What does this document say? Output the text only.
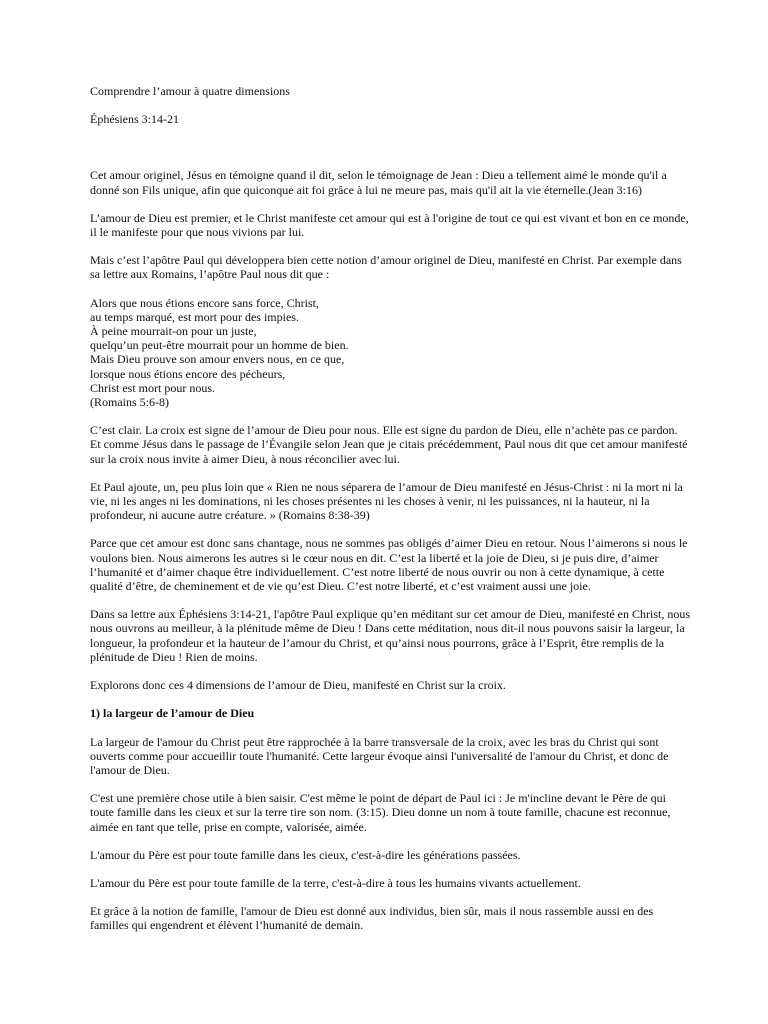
Comprendre l’amour à quatre dimensions

Éphésiens 3:14-21

Cet amour originel, Jésus en témoigne quand il dit, selon le témoignage de Jean : Dieu a tellement aimé le monde qu'il a donné son Fils unique, afin que quiconque ait foi grâce à lui ne meure pas, mais qu'il ait la vie éternelle.(Jean 3:16)

L’amour de Dieu est premier, et le Christ manifeste cet amour qui est à l'origine de tout ce qui est vivant et bon en ce monde, il le manifeste pour que nous vivions par lui.

Mais c’est l’apôtre Paul qui développera bien cette notion d’amour originel de Dieu, manifesté en Christ. Par exemple dans sa lettre aux Romains, l’apôtre Paul nous dit que :

Alors que nous étions encore sans force, Christ,
au temps marqué, est mort pour des impies.
À peine mourrait-on pour un juste,
quelqu’un peut-être mourrait pour un homme de bien.
Mais Dieu prouve son amour envers nous, en ce que,
lorsque nous étions encore des pécheurs,
Christ est mort pour nous.
(Romains 5:6-8)

C’est clair. La croix est signe de l’amour de Dieu pour nous. Elle est signe du pardon de Dieu, elle n’achète pas ce pardon. Et comme Jésus dans le passage de l’Évangile selon Jean que je citais précédemment, Paul nous dit que cet amour manifesté sur la croix nous invite à aimer Dieu, à nous réconcilier avec lui.

Et Paul ajoute, un, peu plus loin que « Rien ne nous séparera de l’amour de Dieu manifesté en Jésus-Christ : ni la mort ni la vie, ni les anges ni les dominations, ni les choses présentes ni les choses à venir, ni les puissances, ni la hauteur, ni la profondeur, ni aucune autre créature. » (Romains 8:38-39)

Parce que cet amour est donc sans chantage, nous ne sommes pas obligés d’aimer Dieu en retour. Nous l’aimerons si nous le voulons bien. Nous aimerons les autres si le cœur nous en dit. C’est la liberté et la joie de Dieu, si je puis dire, d’aimer l’humanité et d’aimer chaque être individuellement. C’est notre liberté de nous ouvrir ou non à cette dynamique, à cette qualité d’être, de cheminement et de vie qu’est Dieu. C’est notre liberté, et c’est vraiment aussi une joie.

Dans sa lettre aux Éphésiens 3:14-21, l'apôtre Paul explique qu’en méditant sur cet amour de Dieu, manifesté en Christ, nous nous ouvrons au meilleur, à la plénitude même de Dieu ! Dans cette méditation, nous dit-il nous pouvons saisir la largeur, la longueur, la profondeur et la hauteur de l’amour du Christ, et qu’ainsi nous pourrons, grâce à l’Esprit, être remplis de la plénitude de Dieu ! Rien de moins.

Explorons donc ces 4 dimensions de l’amour de Dieu, manifesté en Christ sur la croix.

1) la largeur de l’amour de Dieu

La largeur de l'amour du Christ peut être rapprochée à la barre transversale de la croix, avec les bras du Christ qui sont ouverts comme pour accueillir toute l'humanité. Cette largeur évoque ainsi l'universalité de l'amour du Christ, et donc de l'amour de Dieu.

C'est une première chose utile à bien saisir. C'est même le point de départ de Paul ici : Je m'incline devant le Père de qui toute famille dans les cieux et sur la terre tire son nom. (3:15). Dieu donne un nom à toute famille, chacune est reconnue, aimée en tant que telle, prise en compte, valorisée, aimée.

L'amour du Père est pour toute famille dans les cieux, c'est-à-dire les générations passées.

L'amour du Père est pour toute famille de la terre, c'est-à-dire à tous les humains vivants actuellement.

Et grâce à la notion de famille, l'amour de Dieu est donné aux individus, bien sûr, mais il nous rassemble aussi en des familles qui engendrent et élèvent l’humanité de demain.
